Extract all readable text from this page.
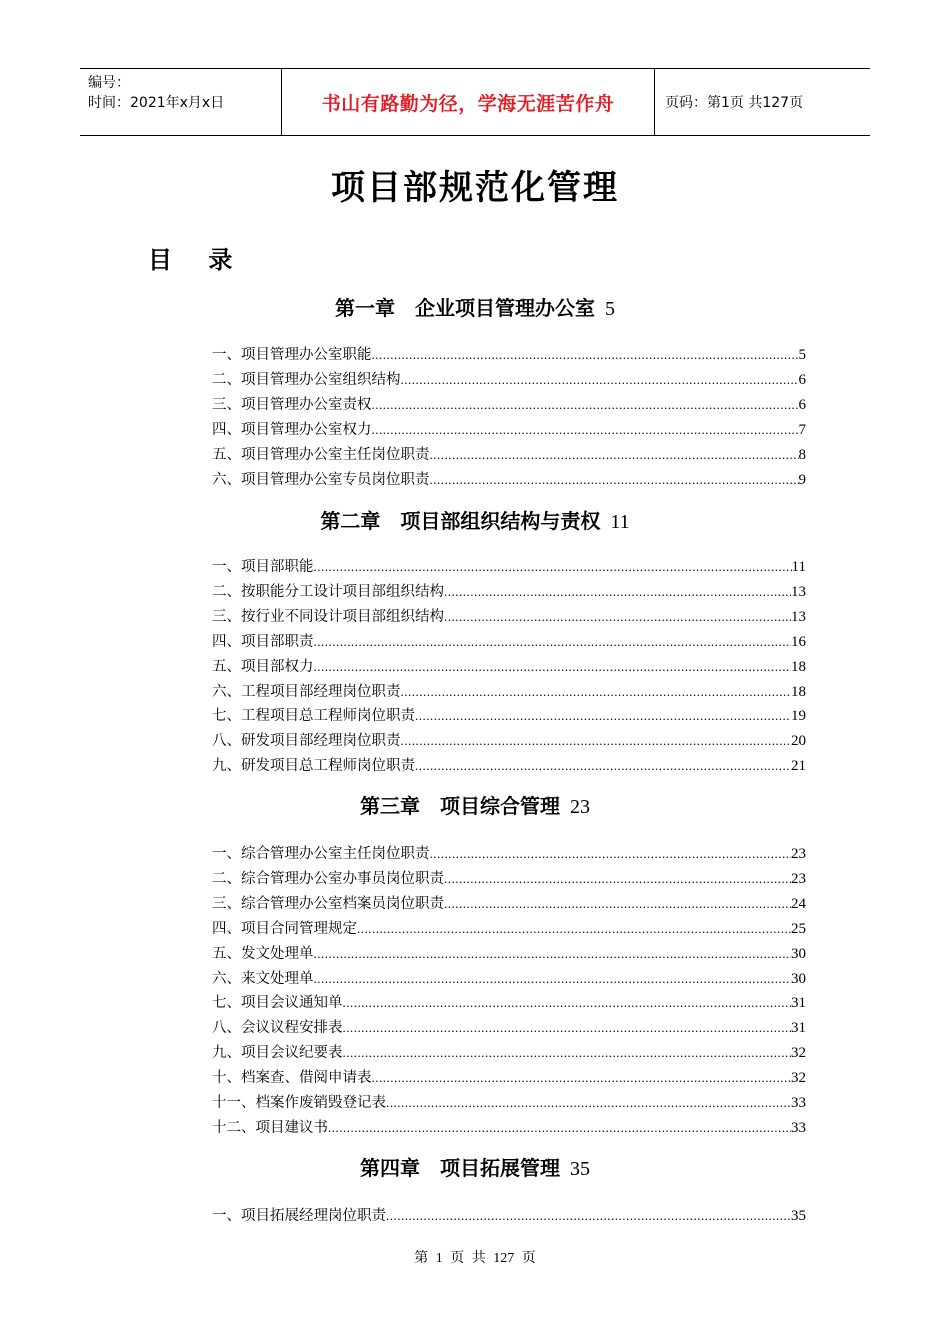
编号：
时间：2021年x月x日	书山有路勤为径，学海无涯苦作舟	页码：第1页 共127页
项目部规范化管理
目 录
第一章　企业项目管理办公室 5
一、项目管理办公室职能 .....	5
二、项目管理办公室组织结构 .....	6
三、项目管理办公室责权 .....	6
四、项目管理办公室权力 .....	7
五、项目管理办公室主任岗位职责 .....	8
六、项目管理办公室专员岗位职责 .....	9
第二章　项目部组织结构与责权 11
一、项目部职能 .....	11
二、按职能分工设计项目部组织结构 .....	13
三、按行业不同设计项目部组织结构 .....	13
四、项目部职责 .....	16
五、项目部权力 .....	18
六、工程项目部经理岗位职责 .....	18
七、工程项目总工程师岗位职责 .....	19
八、研发项目部经理岗位职责 .....	20
九、研发项目总工程师岗位职责 .....	21
第三章　项目综合管理 23
一、综合管理办公室主任岗位职责 .....	23
二、综合管理办公室办事员岗位职责 .....	23
三、综合管理办公室档案员岗位职责 .....	24
四、项目合同管理规定 .....	25
五、发文处理单 .....	30
六、来文处理单 .....	30
七、项目会议通知单 .....	31
八、会议议程安排表 .....	31
九、项目会议纪要表 .....	32
十、档案查、借阅申请表 .....	32
十一、档案作废销毁登记表 .....	33
十二、项目建议书 .....	33
第四章　项目拓展管理 35
一、项目拓展经理岗位职责 .....	35
第 1 页 共 127 页
